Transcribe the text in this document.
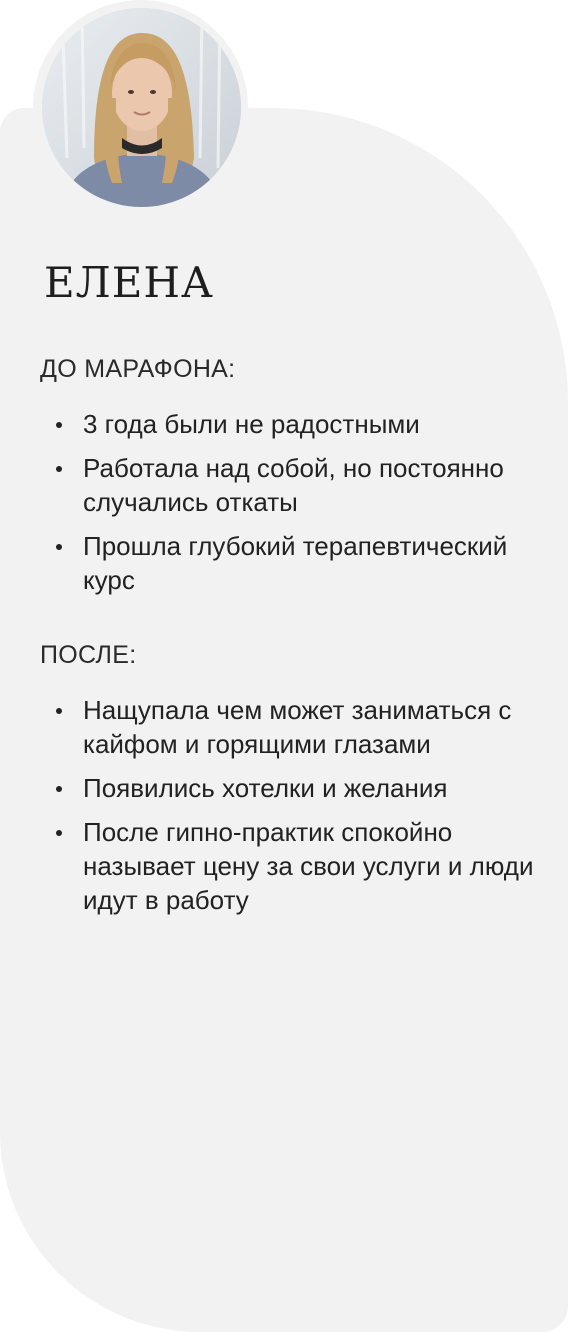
ЕЛЕНА
ДО МАРАФОНА:
3 года были не радостными
Работала над собой, но постоянно случались откаты
Прошла глубокий терапевтический курс
ПОСЛЕ:
Нащупала чем может заниматься с кайфом и горящими глазами
Появились хотелки и желания
После гипно-практик спокойно называет цену за свои услуги и люди идут в работу
